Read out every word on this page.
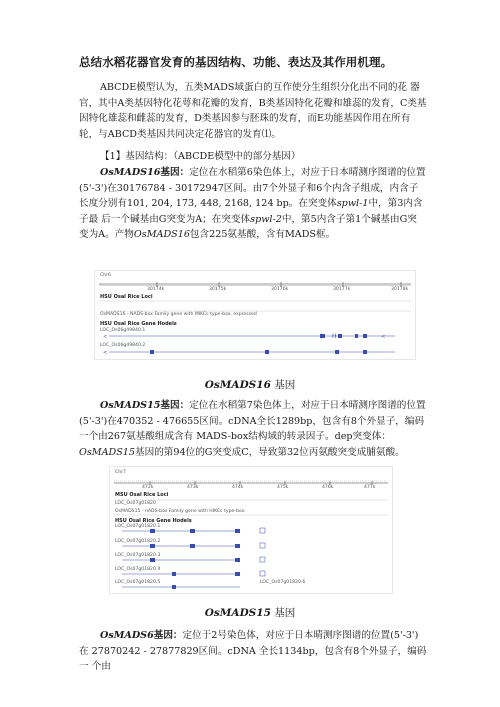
总结水稻花器官发育的基因结构、功能、表达及其作用机理。

ABCDE模型认为，五类MADS域蛋白的互作使分生组织分化出不同的花 器官，其中A类基因特化花萼和花瓣的发育，B类基因特化花瓣和雄蕊的发育，C类基因特化雄蕊和雌蕊的发育，D类基因参与胚珠的发育，而E功能基因作用在所有轮，与ABCD类基因共同决定花器官的发育⑴。

【1】基因结构：（ABCDE模型中的部分基因）

OsMADS16基因：定位在水稻第6染色体上，对应于日本晴测序图谱的位置(5'-3')在30176784 - 30172947区间。由7个外显子和6个内含子组成，内含子 长度分别有101, 204, 173, 448, 2168, 124 bp。在突变体spwl-1中，第3内含子最 后一个碱基由G突变为A；在突变体spwl-2中，第5内含子第1个碱基由G突 变为A。产物OsMADS16包含225氨基酸，含有MADS框。

H	<
<
<
Chr6
30174k	30175k	30176k	30177k	30178k
HSU Osal Rice Loci
OsMADS16 - NADS-box Family gene with MIKCc type-box, expressed
HSU Osal Rice Gene Hodels
LOC_Os06g49840.1
LOC_Os06g49840.2
OsMADS16 基因

OsMADS15基因：定位在水稻第7染色体上，对应于日本晴测序图谱的位置(5'-3')在470352 - 476655区间。cDNA全长1289bp，包含有8个外显子，编码 一个由267氨基酸组成含有 MADS-box结构域的转录因子。dep突变体：OsMADS15基因的第94位的G突变成C，导致第32位丙氨酸突变成脯氨酸。

Chr7
472k	473k	474k	475k	476k	477k
MSU Osal Rice Loci
LOC_Os07g01820
OsMADS15 - nADS-box Family gene with HIKCc type-box.
HSU Osal Rice Gene Hodels
LOC_Os07g01820.1
LOC_Os07g01820.2
LOC_Os07g01820.3
LOC_Os07g01820.4
LOC_Os07g01820.5	LOC_Os07g01820.6
OsMADS15 基因

OsMADS6基因：定位于2号染色体，对应于日本晴测序图谱的位置(5'-3') 在 27870242 - 27877829区间。cDNA 全长1134bp，包含有8个外显子，编码一 个由
